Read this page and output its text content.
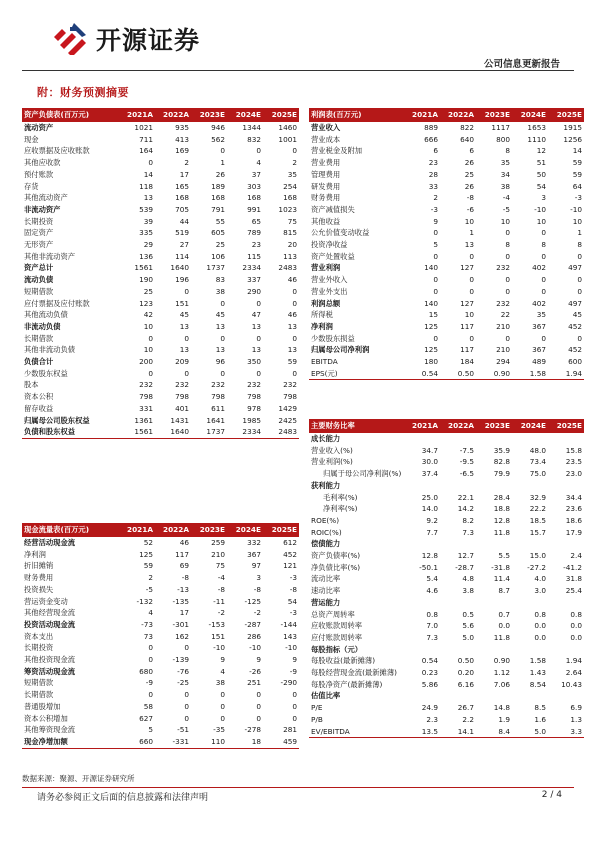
开源证券
公司信息更新报告
附：财务预测摘要
资产负债表(百万元)	2021A	2022A	2023E	2024E	2025E
流动资产	1021	935	946	1344	1460
现金	711	413	562	832	1001
应收票据及应收账款	164	169	0	0	0
其他应收款	0	2	1	4	2
预付账款	14	17	26	37	35
存货	118	165	189	303	254
其他流动资产	13	168	168	168	168
非流动资产	539	705	791	991	1023
长期投资	39	44	55	65	75
固定资产	335	519	605	789	815
无形资产	29	27	25	23	20
其他非流动资产	136	114	106	115	113
资产总计	1561	1640	1737	2334	2483
流动负债	190	196	83	337	46
短期借款	25	0	38	290	0
应付票据及应付账款	123	151	0	0	0
其他流动负债	42	45	45	47	46
非流动负债	10	13	13	13	13
长期借款	0	0	0	0	0
其他非流动负债	10	13	13	13	13
负债合计	200	209	96	350	59
少数股东权益	0	0	0	0	0
股本	232	232	232	232	232
资本公积	798	798	798	798	798
留存收益	331	401	611	978	1429
归属母公司股东权益	1361	1431	1641	1985	2425
负债和股东权益	1561	1640	1737	2334	2483
利润表(百万元)	2021A	2022A	2023E	2024E	2025E
营业收入	889	822	1117	1653	1915
营业成本	666	640	800	1110	1256
营业税金及附加	6	6	8	12	14
营业费用	23	26	35	51	59
管理费用	28	25	34	50	59
研发费用	33	26	38	54	64
财务费用	2	-8	-4	3	-3
资产减值损失	-3	-6	-5	-10	-10
其他收益	9	10	10	10	10
公允价值变动收益	0	1	0	0	1
投资净收益	5	13	8	8	8
资产处置收益	0	0	0	0	0
营业利润	140	127	232	402	497
营业外收入	0	0	0	0	0
营业外支出	0	0	0	0	0
利润总额	140	127	232	402	497
所得税	15	10	22	35	45
净利润	125	117	210	367	452
少数股东损益	0	0	0	0	0
归属母公司净利润	125	117	210	367	452
EBITDA	180	184	294	489	600
EPS(元)	0.54	0.50	0.90	1.58	1.94
现金流量表(百万元)	2021A	2022A	2023E	2024E	2025E
经营活动现金流	52	46	259	332	612
净利润	125	117	210	367	452
折旧摊销	59	69	75	97	121
财务费用	2	-8	-4	3	-3
投资损失	-5	-13	-8	-8	-8
营运资金变动	-132	-135	-11	-125	54
其他经营现金流	4	17	-2	-2	-3
投资活动现金流	-73	-301	-153	-287	-144
资本支出	73	162	151	286	143
长期投资	0	0	-10	-10	-10
其他投资现金流	0	-139	9	9	9
筹资活动现金流	680	-76	4	-26	-9
短期借款	-9	-25	38	251	-290
长期借款	0	0	0	0	0
普通股增加	58	0	0	0	0
资本公积增加	627	0	0	0	0
其他筹资现金流	5	-51	-35	-278	281
现金净增加额	660	-331	110	18	459
主要财务比率	2021A	2022A	2023E	2024E	2025E
成长能力					
营业收入(%)	34.7	-7.5	35.9	48.0	15.8
营业利润(%)	30.0	-9.5	82.8	73.4	23.5
归属于母公司净利润(%)	37.4	-6.5	79.9	75.0	23.0
获利能力					
毛利率(%)	25.0	22.1	28.4	32.9	34.4
净利率(%)	14.0	14.2	18.8	22.2	23.6
ROE(%)	9.2	8.2	12.8	18.5	18.6
ROIC(%)	7.7	7.3	11.8	15.7	17.9
偿债能力					
资产负债率(%)	12.8	12.7	5.5	15.0	2.4
净负债比率(%)	-50.1	-28.7	-31.8	-27.2	-41.2
流动比率	5.4	4.8	11.4	4.0	31.8
速动比率	4.6	3.8	8.7	3.0	25.4
营运能力					
总资产周转率	0.8	0.5	0.7	0.8	0.8
应收账款周转率	7.0	5.6	0.0	0.0	0.0
应付账款周转率	7.3	5.0	11.8	0.0	0.0
每股指标（元）					
每股收益(最新摊薄)	0.54	0.50	0.90	1.58	1.94
每股经营现金流(最新摊薄)	0.23	0.20	1.12	1.43	2.64
每股净资产(最新摊薄)	5.86	6.16	7.06	8.54	10.43
估值比率					
P/E	24.9	26.7	14.8	8.5	6.9
P/B	2.3	2.2	1.9	1.6	1.3
EV/EBITDA	13.5	14.1	8.4	5.0	3.3
数据来源：聚源、开源证券研究所
请务必参阅正文后面的信息披露和法律声明	2 / 4
